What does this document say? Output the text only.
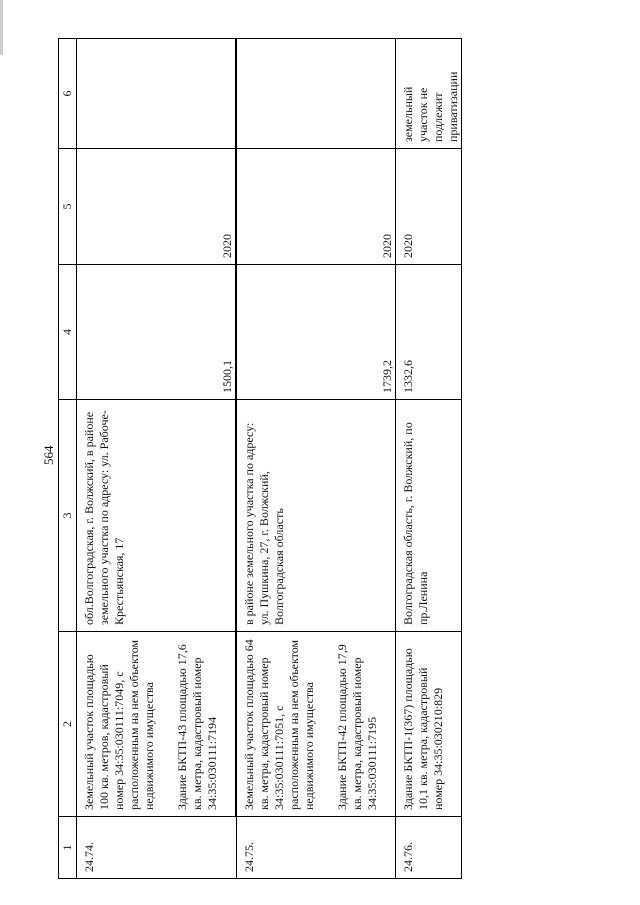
564
1	2	3	4	5	6
24.74.	Земельный участок площадью 100 кв. метров, кадастровый номер 34:35:030111:7049, с расположенным на нем объектом недвижимого имущества Здание БКТП-43 площадью 17,6 кв. метра, кадастровый номер 34:35:030111:7194	обл.Волгоградская, г. Волжский, в районе земельного участка по адресу: ул. Рабоче-Крестьянская, 17	1500,1	2020	

24.75.	Земельный участок площадью 64 кв. метра, кадастровый номер 34:35:030111:7051, с расположенным на нем объектом недвижимого имущества Здание БКТП-42 площадью 17,9 кв. метра, кадастровый номер 34:35:030111:7195	в районе земельного участка по адресу: ул. Пушкина, 27, г. Волжский, Волгоградская область	1739,2	2020	

24.76.	Здание БКТП-1(367) площадью 10,1 кв. метра, кадастровый номер 34:35:030210:829	Волгоградская область, г. Волжский, по пр.Ленина	1332,6	2020	земельный участок не подлежит приватизации
